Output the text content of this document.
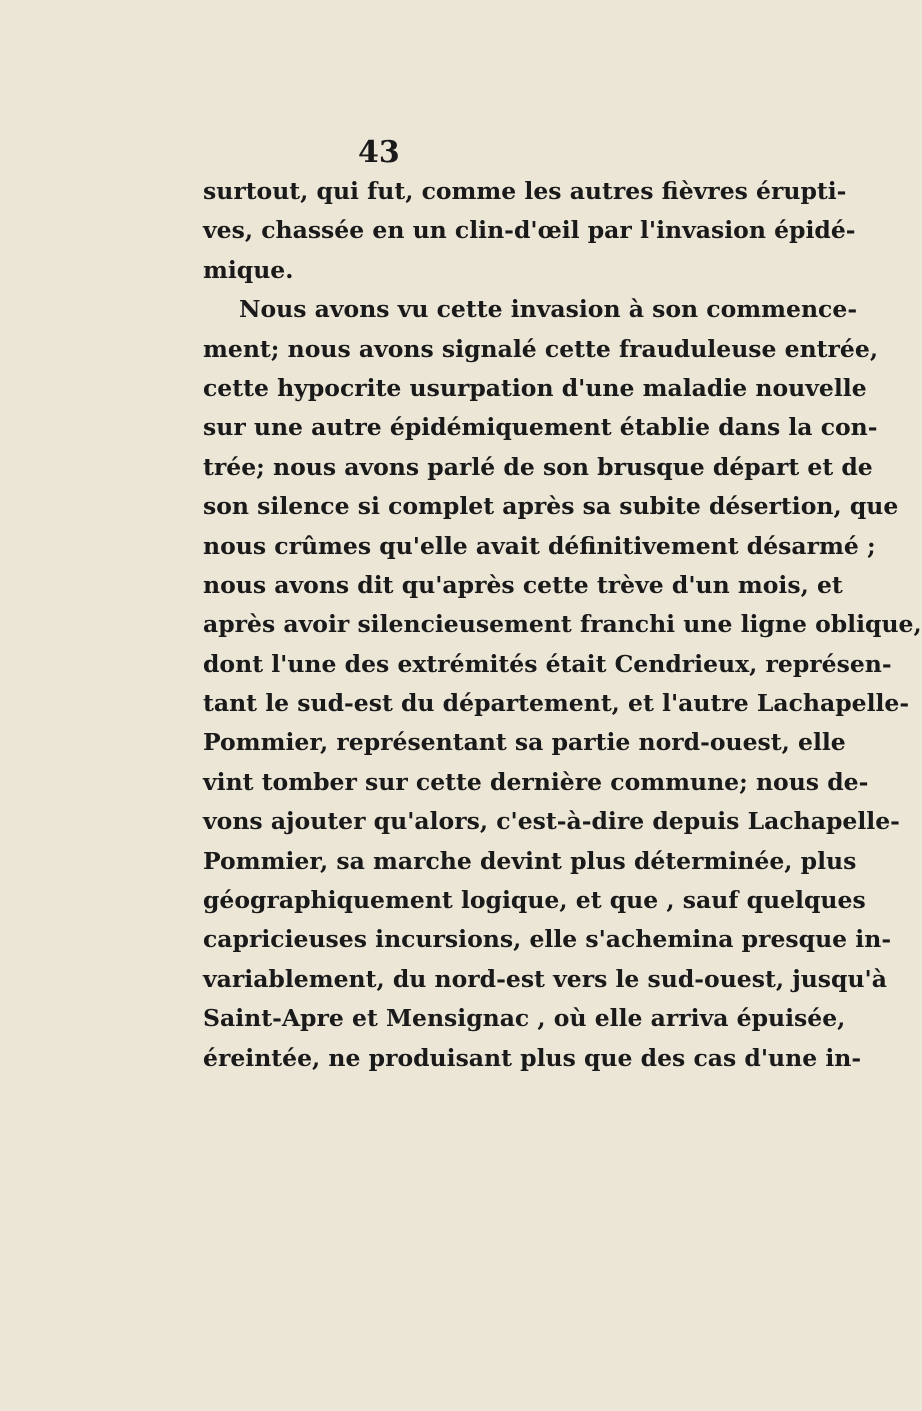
43
surtout, qui fut, comme les autres fièvres érupti-
ves, chassée en un clin-d'œil par l'invasion épidé-
mique.
Nous avons vu cette invasion à son commence-
ment; nous avons signalé cette frauduleuse entrée,
cette hypocrite usurpation d'une maladie nouvelle
sur une autre épidémiquement établie dans la con-
trée; nous avons parlé de son brusque départ et de
son silence si complet après sa subite désertion, que
nous crûmes qu'elle avait définitivement désarmé ;
nous avons dit qu'après cette trève d'un mois, et
après avoir silencieusement franchi une ligne oblique,
dont l'une des extrémités était Cendrieux, représen-
tant le sud-est du département, et l'autre Lachapelle-
Pommier, représentant sa partie nord-ouest, elle
vint tomber sur cette dernière commune; nous de-
vons ajouter qu'alors, c'est-à-dire depuis Lachapelle-
Pommier, sa marche devint plus déterminée, plus
géographiquement logique, et que , sauf quelques
capricieuses incursions, elle s'achemina presque in-
variablement, du nord-est vers le sud-ouest, jusqu'à
Saint-Apre et Mensignac , où elle arriva épuisée,
éreintée, ne produisant plus que des cas d'une in-
